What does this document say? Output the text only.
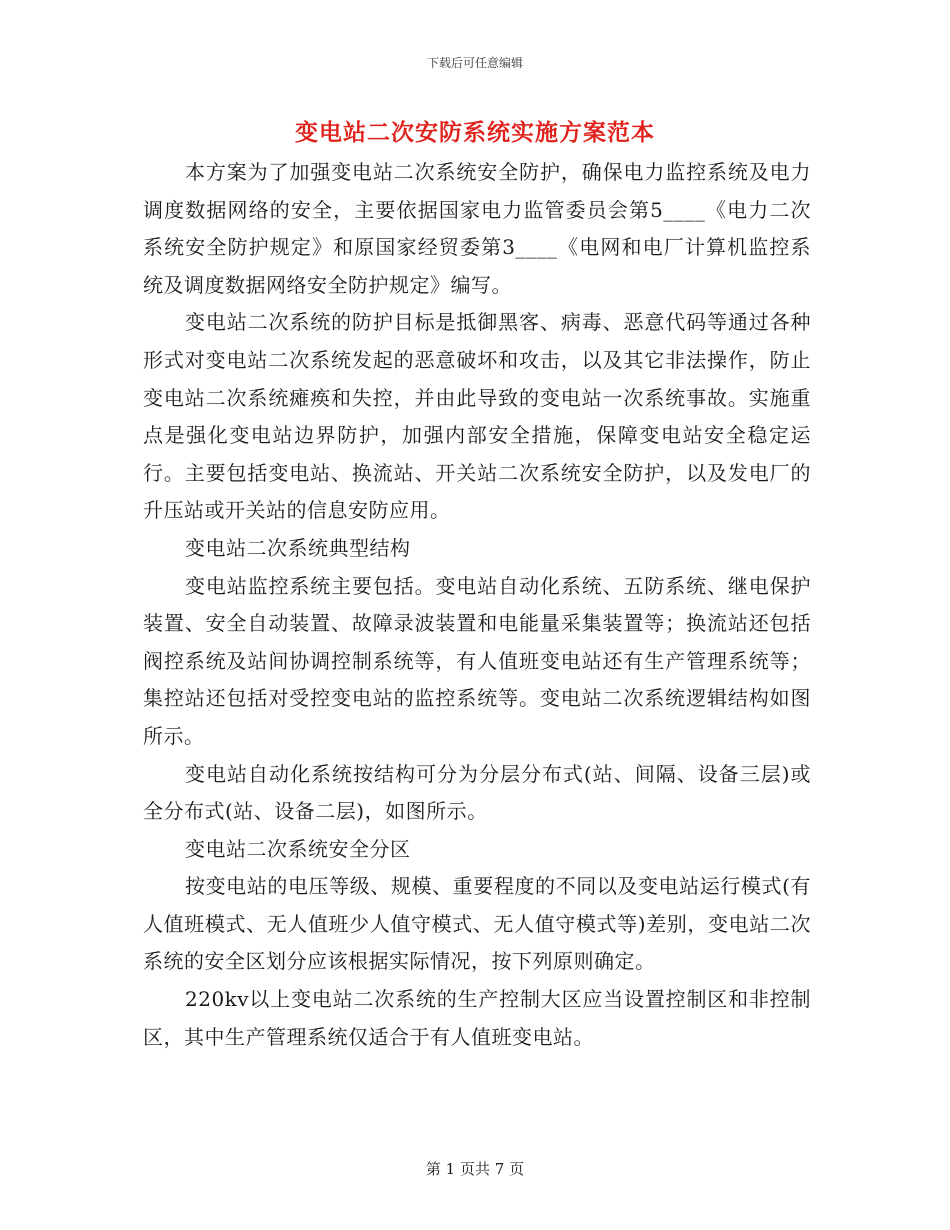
下载后可任意编辑
变电站二次安防系统实施方案范本

本方案为了加强变电站二次系统安全防护，确保电力监控系统及电力调度数据网络的安全，主要依据国家电力监管委员会第5____《电力二次系统安全防护规定》和原国家经贸委第3____《电网和电厂计算机监控系统及调度数据网络安全防护规定》编写。

变电站二次系统的防护目标是抵御黑客、病毒、恶意代码等通过各种形式对变电站二次系统发起的恶意破坏和攻击，以及其它非法操作，防止变电站二次系统瘫痪和失控，并由此导致的变电站一次系统事故。实施重点是强化变电站边界防护，加强内部安全措施，保障变电站安全稳定运行。主要包括变电站、换流站、开关站二次系统安全防护，以及发电厂的升压站或开关站的信息安防应用。

变电站二次系统典型结构

变电站监控系统主要包括。变电站自动化系统、五防系统、继电保护装置、安全自动装置、故障录波装置和电能量采集装置等；换流站还包括阀控系统及站间协调控制系统等，有人值班变电站还有生产管理系统等；集控站还包括对受控变电站的监控系统等。变电站二次系统逻辑结构如图所示。

变电站自动化系统按结构可分为分层分布式(站、间隔、设备三层)或全分布式(站、设备二层)，如图所示。

变电站二次系统安全分区

按变电站的电压等级、规模、重要程度的不同以及变电站运行模式(有人值班模式、无人值班少人值守模式、无人值守模式等)差别，变电站二次系统的安全区划分应该根据实际情况，按下列原则确定。

220kv以上变电站二次系统的生产控制大区应当设置控制区和非控制区，其中生产管理系统仅适合于有人值班变电站。

第 1 页共 7 页
